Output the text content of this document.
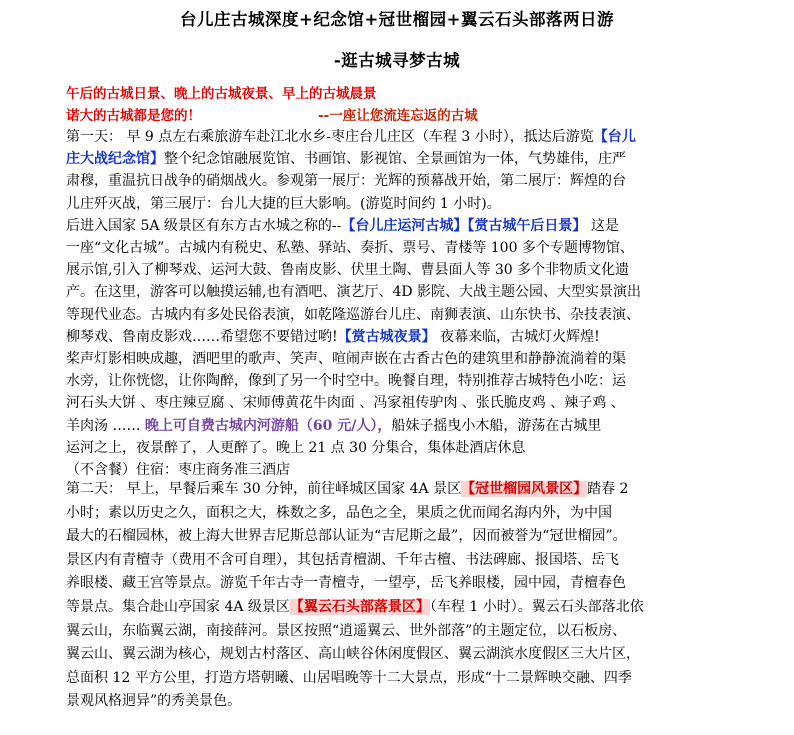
台儿庄古城深度+纪念馆+冠世榴园+翼云石头部落两日游
-逛古城寻梦古城
午后的古城日景、晚上的古城夜景、早上的古城晨景
诺大的古城都是您的！	--一座让您流连忘返的古城
第一天： 早 9 点左右乘旅游车赴江北水乡-枣庄台儿庄区（车程 3 小时），抵达后游览【台儿
庄大战纪念馆】整个纪念馆融展览馆、书画馆、影视馆、全景画馆为一体，气势雄伟，庄严
肃穆，重温抗日战争的硝烟战火。参观第一展厅：光辉的预幕战开始，第二展厅：辉煌的台
儿庄歼灭战，第三展厅：台儿大捷的巨大影响。(游览时间约 1 小时)。
后进入国家 5A 级景区有东方古水城之称的--【台儿庄运河古城】【赏古城午后日景】 这是
一座“文化古城”。古城内有税史、私塾、驿站、奏折、票号、青楼等 100 多个专题博物馆、
展示馆,引入了柳琴戏、运河大鼓、鲁南皮影、伏里土陶、曹县面人等 30 多个非物质文化遗
产。在这里，游客可以触摸运辅,也有酒吧、演艺厅、4D 影院、大战主题公园、大型实景演出
等现代业态。古城内有多处民俗表演，如乾隆巡游台儿庄、南狮表演、山东快书、杂技表演、
柳琴戏、鲁南皮影戏……希望您不要错过哟!【赏古城夜景】 夜幕来临，古城灯火辉煌!
桨声灯影相映成趣，酒吧里的歌声、笑声、喧闹声嵌在古香古色的建筑里和静静流淌着的渠
水旁，让你恍惚，让你陶醉，像到了另一个时空中。晚餐自理，特别推荐古城特色小吃：运
河石头大饼 、枣庄辣豆腐 、宋师傅黄花牛肉面 、冯家祖传驴肉 、张氏脆皮鸡 、辣子鸡 、
羊肉汤 …… 晚上可自费古城内河游船（60 元/人），船妹子摇曳小木船，游荡在古城里
运河之上，夜景醉了，人更醉了。晚上 21 点 30 分集合，集体赴酒店休息
（不含餐）住宿：枣庄商务准三酒店
第二天： 早上，早餐后乘车 30 分钟，前往峄城区国家 4A 景区【冠世榴园风景区】踏春 2
小时；素以历史之久，面积之大，株数之多，品色之全，果质之优而闻名海内外，为中国
最大的石榴园林，被上海大世界吉尼斯总部认证为“吉尼斯之最”，因而被誉为“冠世榴园”。
景区内有青檀寺（费用不含可自理），其包括青檀湖、千年古檀、书法碑廊、报国塔、岳飞
养眼楼、藏王宫等景点。游览千年古寺一青檀寺，一望亭，岳飞养眼楼，园中园，青檀春色
等景点。集合赴山亭国家 4A 级景区【翼云石头部落景区】（车程 1 小时）。翼云石头部落北依
翼云山，东临翼云湖，南接薛河。景区按照“逍遥翼云、世外部落”的主题定位，以石板房、
翼云山、翼云湖为核心，规划古村落区、高山峡谷休闲度假区、翼云湖滨水度假区三大片区，
总面积 12 平方公里，打造方塔朝曦、山居唱晚等十二大景点，形成“十二景辉映交融、四季
景观风格迥异”的秀美景色。
